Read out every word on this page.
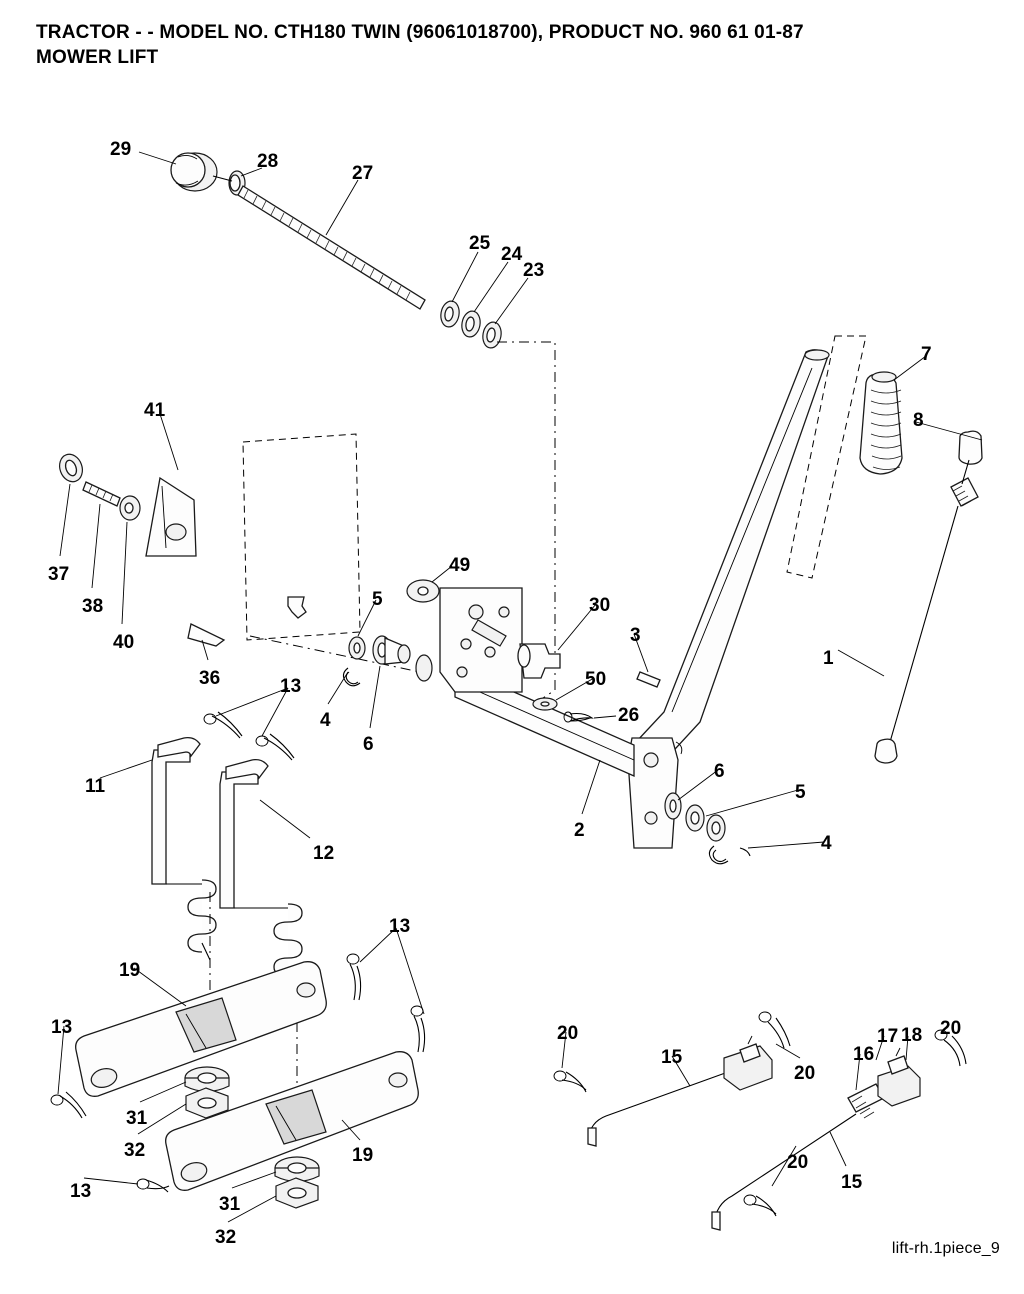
TRACTOR - - MODEL NO. CTH180 TWIN (96061018700), PRODUCT NO. 960 61 01-87
MOWER LIFT
29
28
27
25
24
23
7
8
41
37
38
40
36
49
5	30
3
1
50
26
4
6
13
11
12
2
6
5
4
13
19
13
31
32	19
31
32
13
20
15
20
16
17 18 20
20
15
lift-rh.1piece_9
